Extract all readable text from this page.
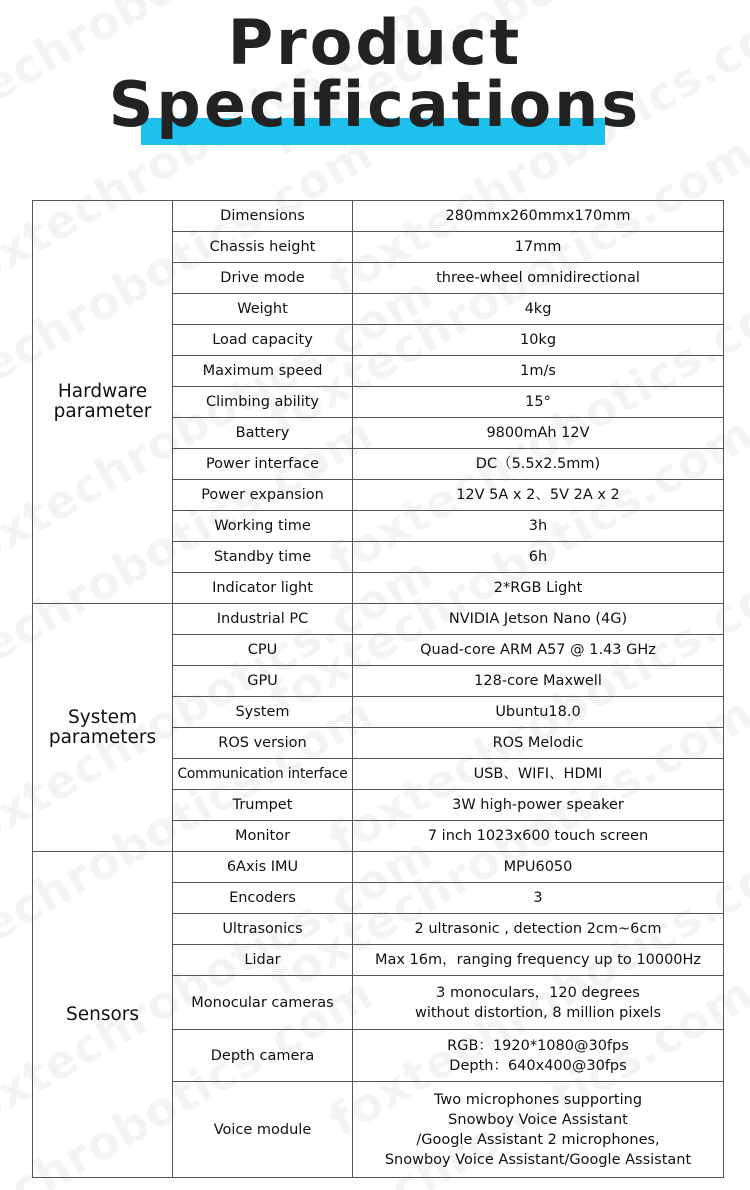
Product
Specifications
Hardware
parameter	Dimensions	280mmx260mmx170mm
	Chassis height	17mm
	Drive mode	three-wheel omnidirectional
	Weight	4kg
	Load capacity	10kg
	Maximum speed	1m/s
	Climbing ability	15°
	Battery	9800mAh 12V
	Power interface	DC（5.5x2.5mm)
	Power expansion	12V 5A x 2、5V 2A x 2
	Working time	3h
	Standby time	6h
	Indicator light	2*RGB Light
System
parameters	Industrial PC	NVIDIA Jetson Nano (4G)
	CPU	Quad-core ARM A57 @ 1.43 GHz
	GPU	128-core Maxwell
	System	Ubuntu18.0
	ROS version	ROS Melodic
	Communication interface	USB、WIFI、HDMI
	Trumpet	3W high-power speaker
	Monitor	7 inch 1023x600 touch screen
Sensors	6Axis IMU	MPU6050
	Encoders	3
	Ultrasonics	2 ultrasonic , detection 2cm~6cm
	Lidar	Max 16m，ranging frequency up to 10000Hz
	Monocular cameras	3 monoculars，120 degrees
without distortion, 8 million pixels
	Depth camera	RGB：1920*1080@30fps
Depth：640x400@30fps
	Voice module	Two microphones supporting
Snowboy Voice Assistant
/Google Assistant 2 microphones,
Snowboy Voice Assistant/Google Assistant
